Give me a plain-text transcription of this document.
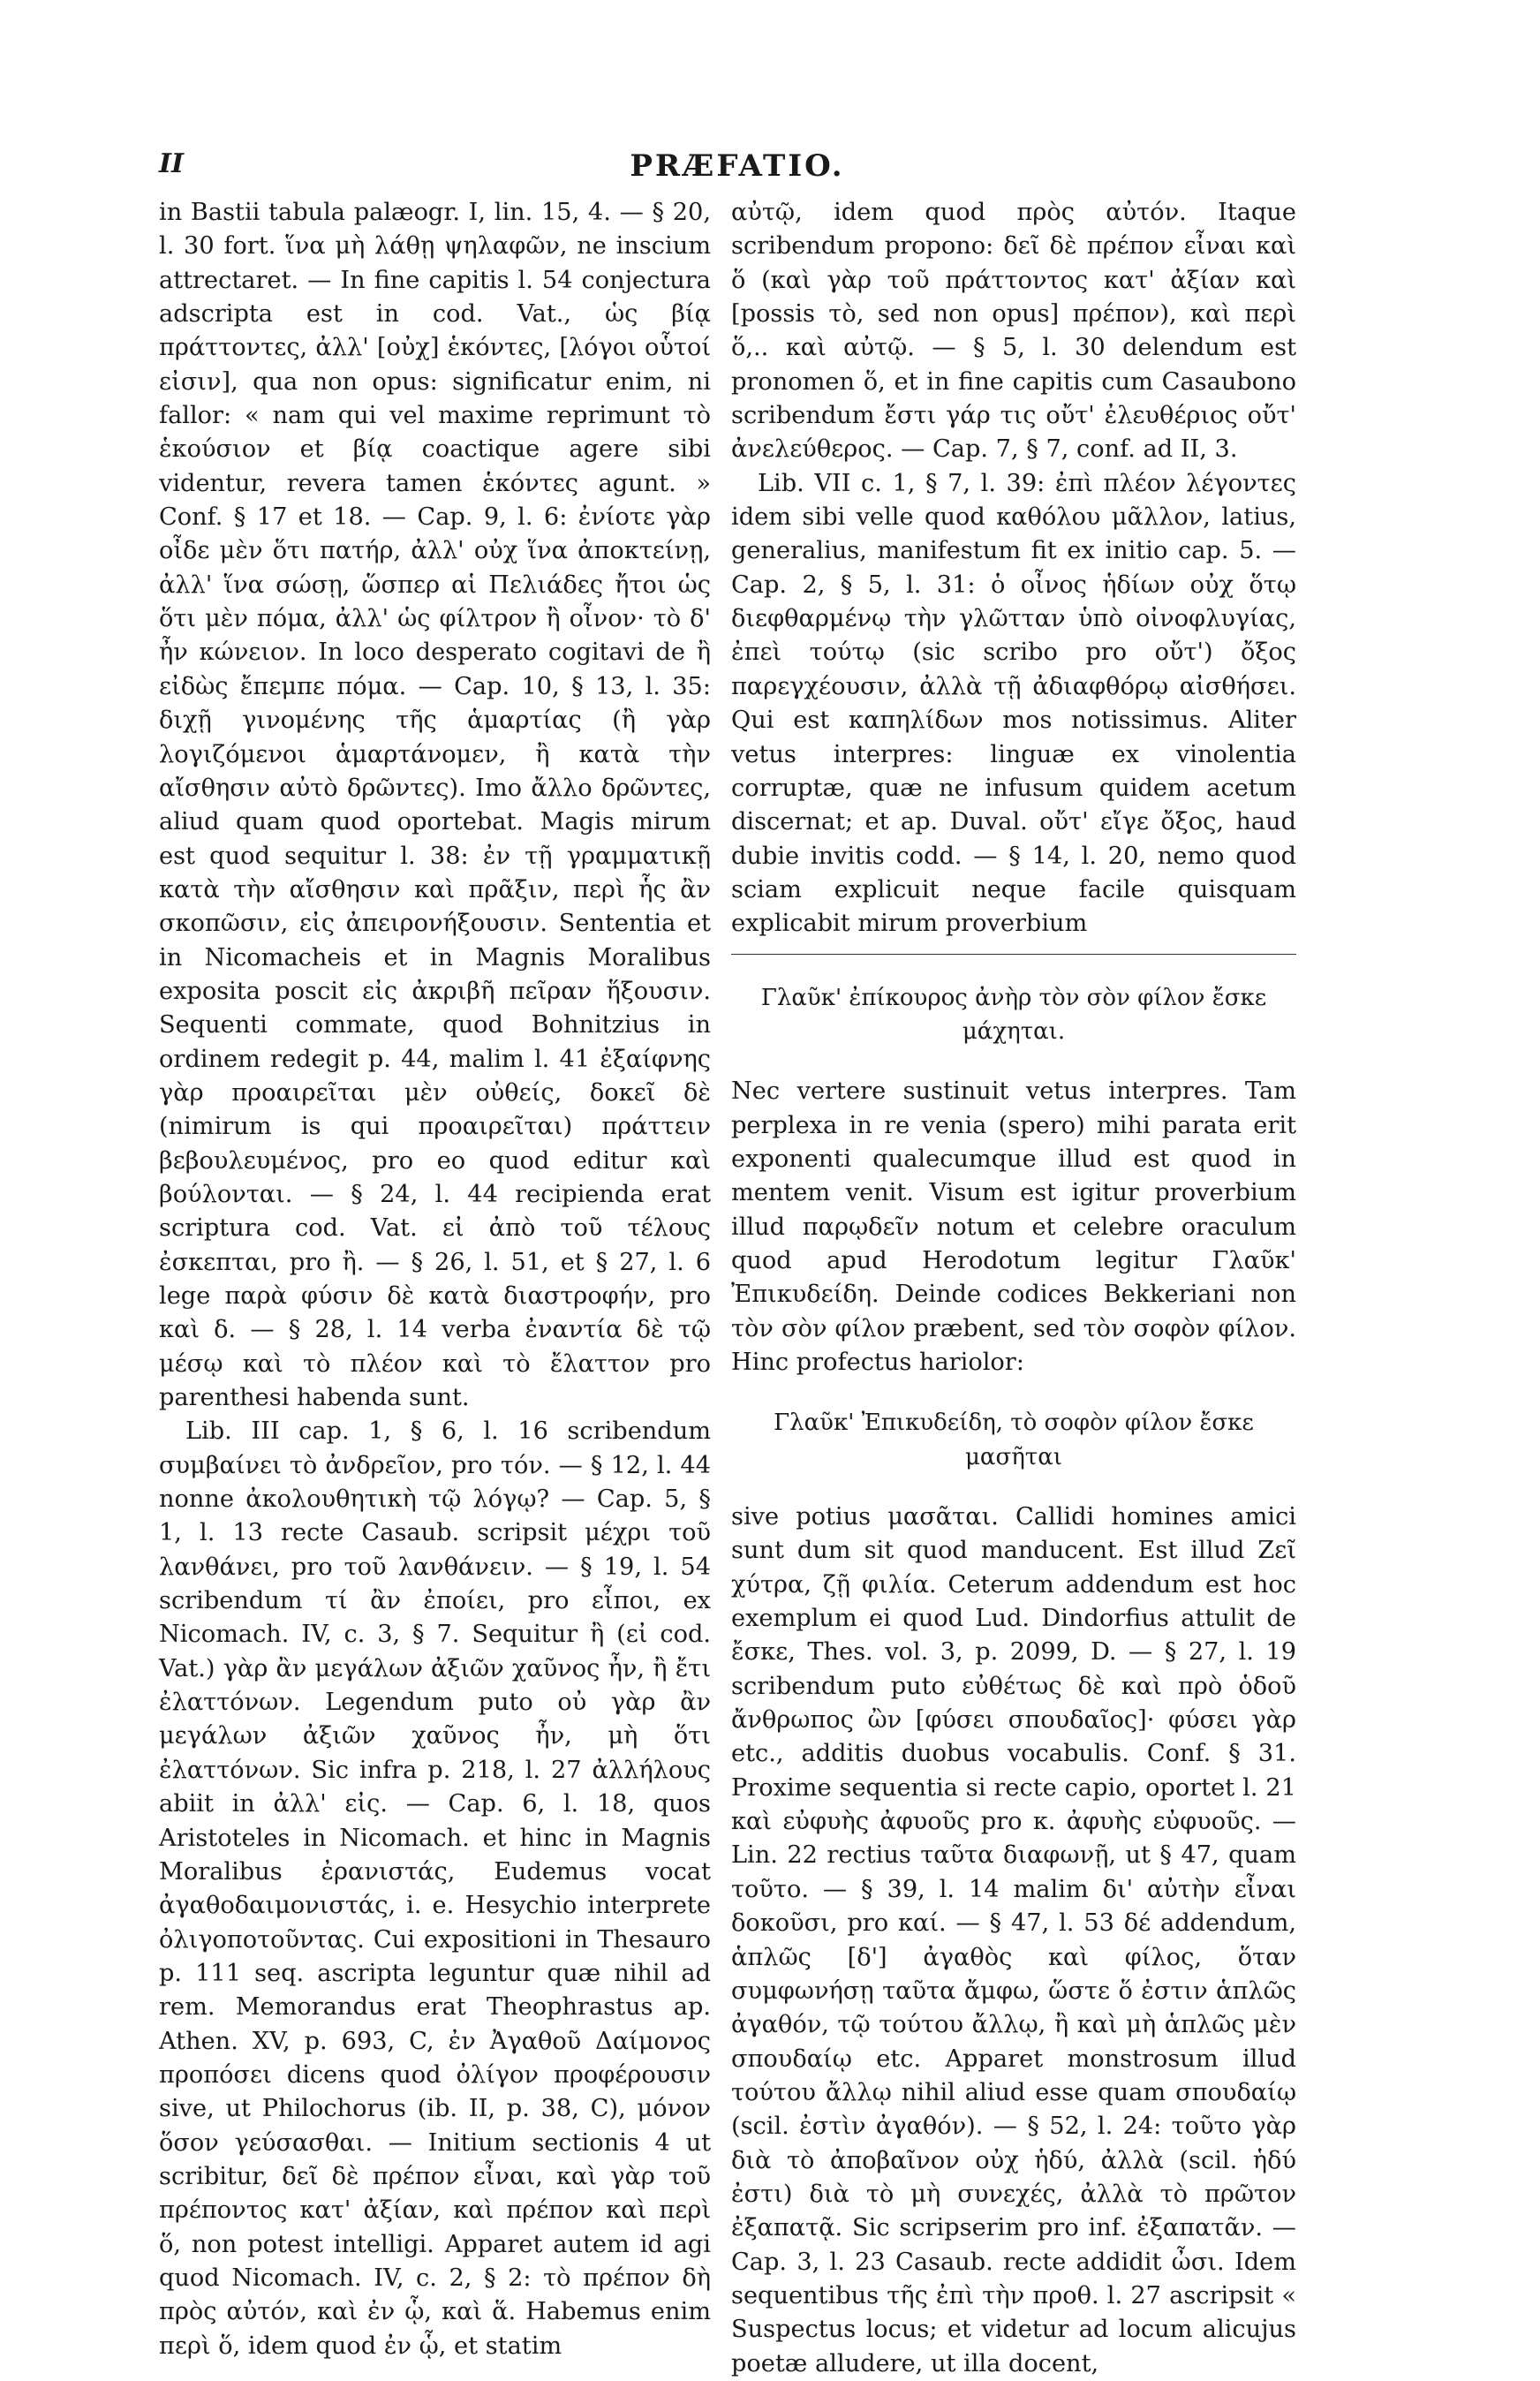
II	PRÆFATIO.

in Bastii tabula palæogr. I, lin. 15, 4. — § 20, l. 30 fort. ἵνα μὴ λάθῃ ψηλαφῶν, ne inscium attrectaret. — In fine capitis l. 54 conjectura adscripta est in cod. Vat., ὡς βίᾳ πράττοντες, ἀλλ' [οὐχ] ἑκόντες, [λόγοι οὗτοί εἰσιν], qua non opus: significatur enim, ni fallor: « nam qui vel maxime reprimunt τὸ ἑκούσιον et βίᾳ coactique agere sibi videntur, revera tamen ἑκόντες agunt. » Conf. § 17 et 18. — Cap. 9, l. 6: ἐνίοτε γὰρ οἶδε μὲν ὅτι πατήρ, ἀλλ' οὐχ ἵνα ἀποκτείνῃ, ἀλλ' ἵνα σώσῃ, ὥσπερ αἱ Πελιάδες ἤτοι ὡς ὅτι μὲν πόμα, ἀλλ' ὡς φίλτρον ἢ οἶνον· τὸ δ' ἦν κώνειον. In loco desperato cogitavi de ἢ εἰδὼς ἔπεμπε πόμα. — Cap. 10, § 13, l. 35: διχῇ γινομένης τῆς ἁμαρτίας (ἢ γὰρ λογιζόμενοι ἁμαρτάνομεν, ἢ κατὰ τὴν αἴσθησιν αὐτὸ δρῶντες). Imo ἄλλο δρῶντες, aliud quam quod oportebat. Magis mirum est quod sequitur l. 38: ἐν τῇ γραμματικῇ κατὰ τὴν αἴσθησιν καὶ πρᾶξιν, περὶ ἧς ἂν σκοπῶσιν, εἰς ἀπειρονήξουσιν. Sententia et in Nicomacheis et in Magnis Moralibus exposita poscit εἰς ἀκριβῆ πεῖραν ἥξουσιν. Sequenti commate, quod Bohnitzius in ordinem redegit p. 44, malim l. 41 ἐξαίφνης γὰρ προαιρεῖται μὲν οὐθείς, δοκεῖ δὲ (nimirum is qui προαιρεῖται) πράττειν βεβουλευμένος, pro eo quod editur καὶ βούλονται. — § 24, l. 44 recipienda erat scriptura cod. Vat. εἰ ἀπὸ τοῦ τέλους ἐσκεπται, pro ἢ. — § 26, l. 51, et § 27, l. 6 lege παρὰ φύσιν δὲ κατὰ διαστροφήν, pro καὶ δ. — § 28, l. 14 verba ἐναντία δὲ τῷ μέσῳ καὶ τὸ πλέον καὶ τὸ ἔλαττον pro parenthesi habenda sunt.

Lib. III cap. 1, § 6, l. 16 scribendum συμβαίνει τὸ ἀνδρεῖον, pro τόν. — § 12, l. 44 nonne ἀκολουθητικὴ τῷ λόγῳ? — Cap. 5, § 1, l. 13 recte Casaub. scripsit μέχρι τοῦ λανθάνει, pro τοῦ λανθάνειν. — § 19, l. 54 scribendum τί ἂν ἐποίει, pro εἶποι, ex Nicomach. IV, c. 3, § 7. Sequitur ἢ (εἰ cod. Vat.) γὰρ ἂν μεγάλων ἀξιῶν χαῦνος ἦν, ἢ ἔτι ἐλαττόνων. Legendum puto οὐ γὰρ ἂν μεγάλων ἀξιῶν χαῦνος ἦν, μὴ ὅτι ἐλαττόνων. Sic infra p. 218, l. 27 ἀλλήλους abiit in ἀλλ' εἰς. — Cap. 6, l. 18, quos Aristoteles in Nicomach. et hinc in Magnis Moralibus ἐρανιστάς, Eudemus vocat ἀγαθοδαιμονιστάς, i. e. Hesychio interprete ὀλιγοποτοῦντας. Cui expositioni in Thesauro p. 111 seq. ascripta leguntur quæ nihil ad rem. Memorandus erat Theophrastus ap. Athen. XV, p. 693, C, ἐν Ἀγαθοῦ Δαίμονος προπόσει dicens quod ὀλίγον προφέρουσιν sive, ut Philochorus (ib. II, p. 38, C), μόνον ὅσον γεύσασθαι. — Initium sectionis 4 ut scribitur, δεῖ δὲ πρέπον εἶναι, καὶ γὰρ τοῦ πρέποντος κατ' ἀξίαν, καὶ πρέπον καὶ περὶ ὅ, non potest intelligi. Apparet autem id agi quod Nicomach. IV, c. 2, § 2: τὸ πρέπον δὴ πρὸς αὐτόν, καὶ ἐν ᾧ, καὶ ἅ. Habemus enim περὶ ὅ, idem quod ἐν ᾧ, et statim

αὐτῷ, idem quod πρὸς αὐτόν. Itaque scribendum propono: δεῖ δὲ πρέπον εἶναι καὶ ὅ (καὶ γὰρ τοῦ πράττοντος κατ' ἀξίαν καὶ [possis τὸ, sed non opus] πρέπον), καὶ περὶ ὅ,.. καὶ αὐτῷ. — § 5, l. 30 delendum est pronomen ὅ, et in fine capitis cum Casaubono scribendum ἔστι γάρ τις οὔτ' ἐλευθέριος οὔτ' ἀνελεύθερος. — Cap. 7, § 7, conf. ad II, 3.

Lib. VII c. 1, § 7, l. 39: ἐπὶ πλέον λέγοντες idem sibi velle quod καθόλου μᾶλλον, latius, generalius, manifestum fit ex initio cap. 5. — Cap. 2, § 5, l. 31: ὁ οἶνος ἡδίων οὐχ ὅτῳ διεφθαρμένῳ τὴν γλῶτταν ὑπὸ οἰνοφλυγίας, ἐπεὶ τούτῳ (sic scribo pro οὔτ') ὄξος παρεγχέουσιν, ἀλλὰ τῇ ἀδιαφθόρῳ αἰσθήσει. Qui est καπηλίδων mos notissimus. Aliter vetus interpres: linguæ ex vinolentia corruptæ, quæ ne infusum quidem acetum discernat; et ap. Duval. οὔτ' εἴγε ὄξος, haud dubie invitis codd. — § 14, l. 20, nemo quod sciam explicuit neque facile quisquam explicabit mirum proverbium

Γλαῦκ' ἐπίκουρος ἀνὴρ τὸν σὸν φίλον ἔσκε μάχηται.

Nec vertere sustinuit vetus interpres. Tam perplexa in re venia (spero) mihi parata erit exponenti qualecumque illud est quod in mentem venit. Visum est igitur proverbium illud παρῳδεῖν notum et celebre oraculum quod apud Herodotum legitur Γλαῦκ' Ἐπικυδείδη. Deinde codices Bekkeriani non τὸν σὸν φίλον præbent, sed τὸν σοφὸν φίλον. Hinc profectus hariolor:

Γλαῦκ' Ἐπικυδείδη, τὸ σοφὸν φίλον ἔσκε μασῆται

sive potius μασᾶται. Callidi homines amici sunt dum sit quod manducent. Est illud Ζεῖ χύτρα, ζῇ φιλία. Ceterum addendum est hoc exemplum ei quod Lud. Dindorfius attulit de ἔσκε, Thes. vol. 3, p. 2099, D. — § 27, l. 19 scribendum puto εὐθέτως δὲ καὶ πρὸ ὁδοῦ ἄνθρωπος ὢν [φύσει σπουδαῖος]· φύσει γὰρ etc., additis duobus vocabulis. Conf. § 31. Proxime sequentia si recte capio, oportet l. 21 καὶ εὐφυὴς ἀφυοῦς pro κ. ἀφυὴς εὐφυοῦς. — Lin. 22 rectius ταῦτα διαφωνῇ, ut § 47, quam τοῦτο. — § 39, l. 14 malim δι' αὐτὴν εἶναι δοκοῦσι, pro καί. — § 47, l. 53 δέ addendum, ἁπλῶς [δ'] ἀγαθὸς καὶ φίλος, ὅταν συμφωνήσῃ ταῦτα ἄμφω, ὥστε ὅ ἐστιν ἁπλῶς ἀγαθόν, τῷ τούτου ἄλλῳ, ἢ καὶ μὴ ἁπλῶς μὲν σπουδαίῳ etc. Apparet monstrosum illud τούτου ἄλλῳ nihil aliud esse quam σπουδαίῳ (scil. ἐστὶν ἀγαθόν). — § 52, l. 24: τοῦτο γὰρ διὰ τὸ ἀποβαῖνον οὐχ ἡδύ, ἀλλὰ (scil. ἡδύ ἐστι) διὰ τὸ μὴ συνεχές, ἀλλὰ τὸ πρῶτον ἐξαπατᾷ. Sic scripserim pro inf. ἐξαπατᾶν. — Cap. 3, l. 23 Casaub. recte addidit ὦσι. Idem sequentibus τῆς ἐπὶ τὴν προθ. l. 27 ascripsit « Suspectus locus; et videtur ad locum alicujus poetæ alludere, ut illa docent,
